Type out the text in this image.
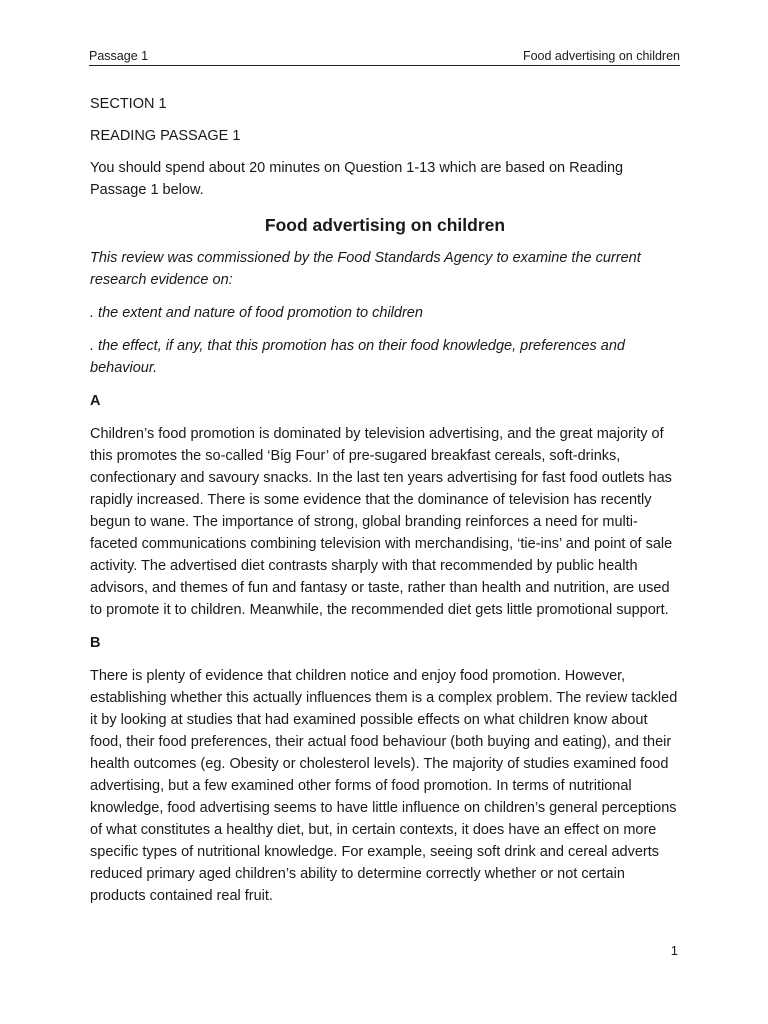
Passage 1	Food advertising on children

SECTION 1

READING PASSAGE 1

You should spend about 20 minutes on Question 1-13 which are based on Reading Passage 1 below.

Food advertising on children

This review was commissioned by the Food Standards Agency to examine the current research evidence on:

. the extent and nature of food promotion to children

. the effect, if any, that this promotion has on their food knowledge, preferences and behaviour.

A

Children’s food promotion is dominated by television advertising, and the great majority of this promotes the so-called ‘Big Four’ of pre-sugared breakfast cereals, soft-drinks, confectionary and savoury snacks. In the last ten years advertising for fast food outlets has rapidly increased. There is some evidence that the dominance of television has recently begun to wane. The importance of strong, global branding reinforces a need for multi-faceted communications combining television with merchandising, ‘tie-ins’ and point of sale activity. The advertised diet contrasts sharply with that recommended by public health advisors, and themes of fun and fantasy or taste, rather than health and nutrition, are used to promote it to children. Meanwhile, the recommended diet gets little promotional support.

B

There is plenty of evidence that children notice and enjoy food promotion. However, establishing whether this actually influences them is a complex problem. The review tackled it by looking at studies that had examined possible effects on what children know about food, their food preferences, their actual food behaviour (both buying and eating), and their health outcomes (eg. Obesity or cholesterol levels). The majority of studies examined food advertising, but a few examined other forms of food promotion. In terms of nutritional knowledge, food advertising seems to have little influence on children’s general perceptions of what constitutes a healthy diet, but, in certain contexts, it does have an effect on more specific types of nutritional knowledge. For example, seeing soft drink and cereal adverts reduced primary aged children’s ability to determine correctly whether or not certain products contained real fruit.

1
